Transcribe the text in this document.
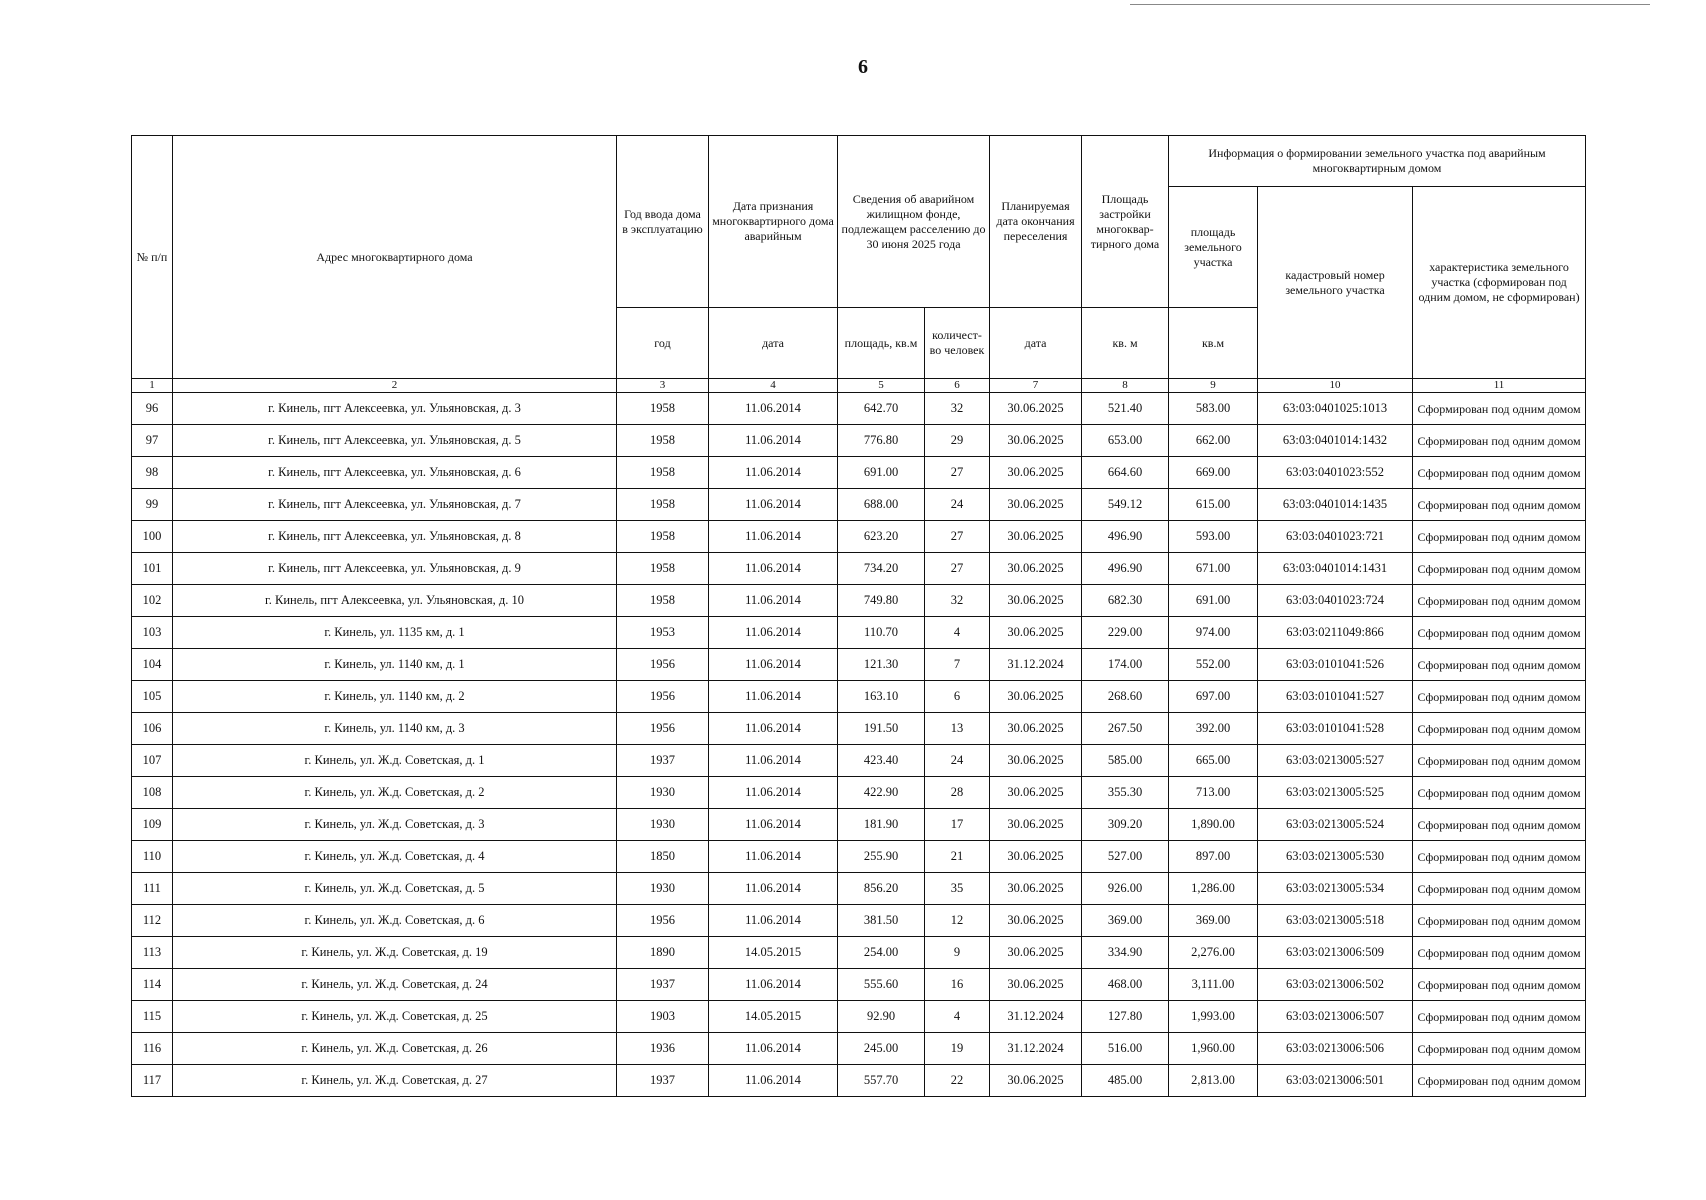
6
№ п/п	Адрес многоквартирного дома	Год ввода дома в эксплуатацию	Дата признания многоквартирного дома аварийным	Сведения об аварийном жилищном фонде, подлежащем расселению до 30 июня 2025 года		Планируемая дата окончания переселения	Площадь застройки многоквар-тирного дома	Информация о формировании земельного участка под аварийным многоквартирным домом		
								площадь земельного участка	кадастровый номер земельного участка	характеристика земельного участка (сформирован под одним домом, не сформирован)
		год	дата	площадь, кв.м	количест-во человек	дата	кв. м	кв.м		
1	2	3	4	5	6	7	8	9	10	11
96	г. Кинель, пгт Алексеевка, ул. Ульяновская, д. 3	1958	11.06.2014	642.70	32	30.06.2025	521.40	583.00	63:03:0401025:1013	Сформирован под одним домом
97	г. Кинель, пгт Алексеевка, ул. Ульяновская, д. 5	1958	11.06.2014	776.80	29	30.06.2025	653.00	662.00	63:03:0401014:1432	Сформирован под одним домом
98	г. Кинель, пгт Алексеевка, ул. Ульяновская, д. 6	1958	11.06.2014	691.00	27	30.06.2025	664.60	669.00	63:03:0401023:552	Сформирован под одним домом
99	г. Кинель, пгт Алексеевка, ул. Ульяновская, д. 7	1958	11.06.2014	688.00	24	30.06.2025	549.12	615.00	63:03:0401014:1435	Сформирован под одним домом
100	г. Кинель, пгт Алексеевка, ул. Ульяновская, д. 8	1958	11.06.2014	623.20	27	30.06.2025	496.90	593.00	63:03:0401023:721	Сформирован под одним домом
101	г. Кинель, пгт Алексеевка, ул. Ульяновская, д. 9	1958	11.06.2014	734.20	27	30.06.2025	496.90	671.00	63:03:0401014:1431	Сформирован под одним домом
102	г. Кинель, пгт Алексеевка, ул. Ульяновская, д. 10	1958	11.06.2014	749.80	32	30.06.2025	682.30	691.00	63:03:0401023:724	Сформирован под одним домом
103	г. Кинель, ул. 1135 км, д. 1	1953	11.06.2014	110.70	4	30.06.2025	229.00	974.00	63:03:0211049:866	Сформирован под одним домом
104	г. Кинель, ул. 1140 км, д. 1	1956	11.06.2014	121.30	7	31.12.2024	174.00	552.00	63:03:0101041:526	Сформирован под одним домом
105	г. Кинель, ул. 1140 км, д. 2	1956	11.06.2014	163.10	6	30.06.2025	268.60	697.00	63:03:0101041:527	Сформирован под одним домом
106	г. Кинель, ул. 1140 км, д. 3	1956	11.06.2014	191.50	13	30.06.2025	267.50	392.00	63:03:0101041:528	Сформирован под одним домом
107	г. Кинель, ул. Ж.д. Советская, д. 1	1937	11.06.2014	423.40	24	30.06.2025	585.00	665.00	63:03:0213005:527	Сформирован под одним домом
108	г. Кинель, ул. Ж.д. Советская, д. 2	1930	11.06.2014	422.90	28	30.06.2025	355.30	713.00	63:03:0213005:525	Сформирован под одним домом
109	г. Кинель, ул. Ж.д. Советская, д. 3	1930	11.06.2014	181.90	17	30.06.2025	309.20	1,890.00	63:03:0213005:524	Сформирован под одним домом
110	г. Кинель, ул. Ж.д. Советская, д. 4	1850	11.06.2014	255.90	21	30.06.2025	527.00	897.00	63:03:0213005:530	Сформирован под одним домом
111	г. Кинель, ул. Ж.д. Советская, д. 5	1930	11.06.2014	856.20	35	30.06.2025	926.00	1,286.00	63:03:0213005:534	Сформирован под одним домом
112	г. Кинель, ул. Ж.д. Советская, д. 6	1956	11.06.2014	381.50	12	30.06.2025	369.00	369.00	63:03:0213005:518	Сформирован под одним домом
113	г. Кинель, ул. Ж.д. Советская, д. 19	1890	14.05.2015	254.00	9	30.06.2025	334.90	2,276.00	63:03:0213006:509	Сформирован под одним домом
114	г. Кинель, ул. Ж.д. Советская, д. 24	1937	11.06.2014	555.60	16	30.06.2025	468.00	3,111.00	63:03:0213006:502	Сформирован под одним домом
115	г. Кинель, ул. Ж.д. Советская, д. 25	1903	14.05.2015	92.90	4	31.12.2024	127.80	1,993.00	63:03:0213006:507	Сформирован под одним домом
116	г. Кинель, ул. Ж.д. Советская, д. 26	1936	11.06.2014	245.00	19	31.12.2024	516.00	1,960.00	63:03:0213006:506	Сформирован под одним домом
117	г. Кинель, ул. Ж.д. Советская, д. 27	1937	11.06.2014	557.70	22	30.06.2025	485.00	2,813.00	63:03:0213006:501	Сформирован под одним домом
